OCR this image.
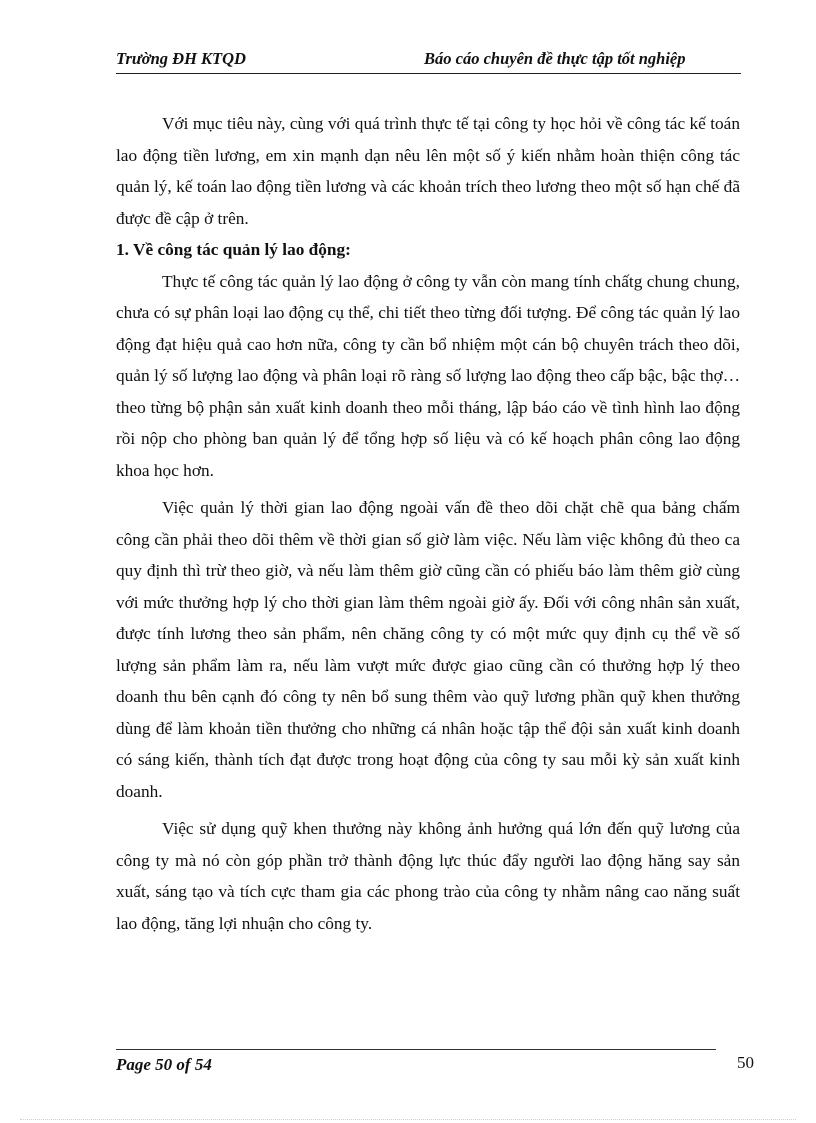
Trường ĐH KTQD	Báo cáo chuyên đề thực tập tốt nghiệp

Với mục tiêu này, cùng với quá trình thực tế tại công ty học hỏi về công tác kế toán lao động tiền lương, em xin mạnh dạn nêu lên một số ý kiến nhằm hoàn thiện công tác quản lý, kế toán lao động tiền lương và các khoản trích theo lương theo một số hạn chế đã được đề cập ở trên.

1. Về công tác quản lý lao động:

Thực tế công tác quản lý lao động ở công ty vẫn còn mang tính chấtg chung chung, chưa có sự phân loại lao động cụ thể, chi tiết theo từng đối tượng. Để công tác quản lý lao động đạt hiệu quả cao hơn nữa, công ty cần bổ nhiệm một cán bộ chuyên trách theo dõi, quản lý số lượng lao động và phân loại rõ ràng số lượng lao động theo cấp bậc, bậc thợ… theo từng bộ phận sản xuất kinh doanh theo mỗi tháng, lập báo cáo về tình hình lao động rồi nộp cho phòng ban quản lý để tổng hợp số liệu và có kế hoạch phân công lao động khoa học hơn.

Việc quản lý thời gian lao động ngoài vấn đề theo dõi chặt chẽ qua bảng chấm công cần phải theo dõi thêm về thời gian số giờ làm việc. Nếu làm việc không đủ theo ca quy định thì trừ theo giờ, và nếu làm thêm giờ cũng cần có phiếu báo làm thêm giờ cùng với mức thưởng hợp lý cho thời gian làm thêm ngoài giờ ấy. Đối với công nhân sản xuất, được tính lương theo sản phẩm, nên chăng công ty có một mức quy định cụ thể về số lượng sản phẩm làm ra, nếu làm vượt mức được giao cũng cần có thưởng hợp lý theo doanh thu bên cạnh đó công ty nên bổ sung thêm vào quỹ lương phần quỹ khen thưởng dùng để làm khoản tiền thưởng cho những cá nhân hoặc tập thể đội sản xuất kinh doanh có sáng kiến, thành tích đạt được trong hoạt động của công ty sau mỗi kỳ sản xuất kinh doanh.

Việc sử dụng quỹ khen thưởng này không ảnh hưởng quá lớn đến quỹ lương của công ty mà nó còn góp phần trở thành động lực thúc đẩy người lao động hăng say sản xuất, sáng tạo và tích cực tham gia các phong trào của công ty nhằm nâng cao năng suất lao động, tăng lợi nhuận cho công ty.

Page 50 of 54	50
